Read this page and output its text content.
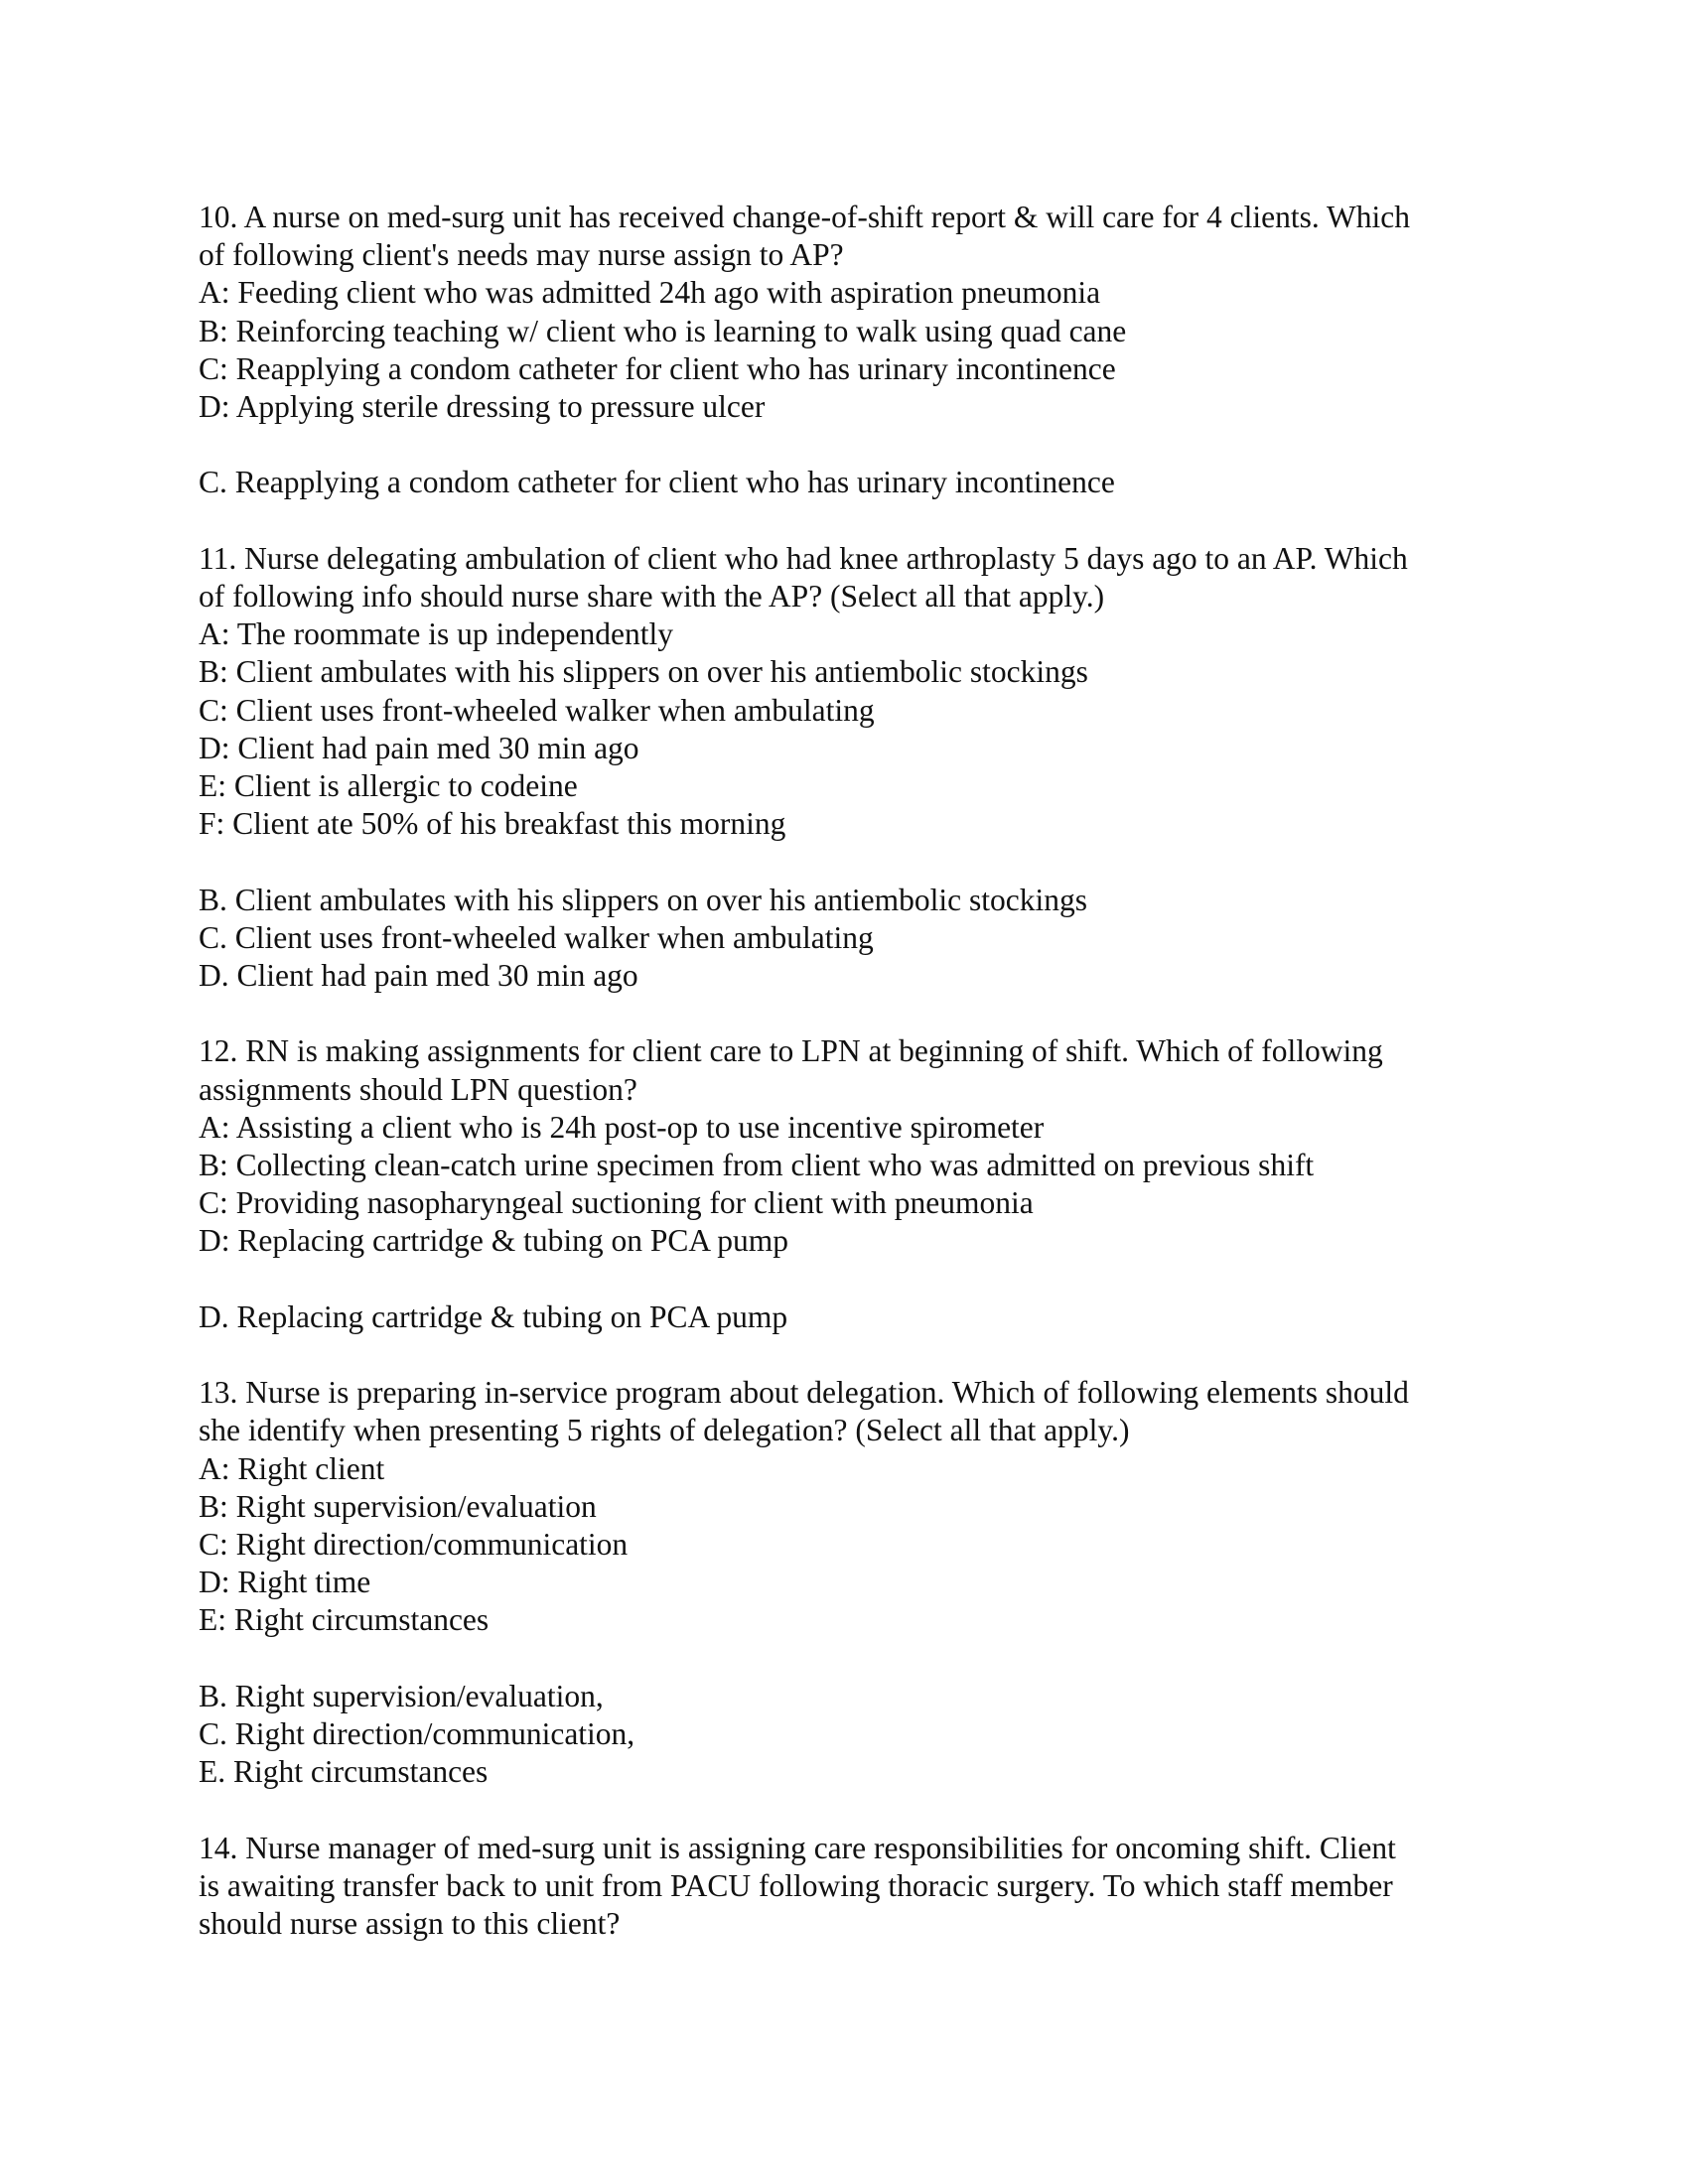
10. A nurse on med-surg unit has received change-of-shift report & will care for 4 clients. Which
of following client's needs may nurse assign to AP?
A: Feeding client who was admitted 24h ago with aspiration pneumonia
B: Reinforcing teaching w/ client who is learning to walk using quad cane
C: Reapplying a condom catheter for client who has urinary incontinence
D: Applying sterile dressing to pressure ulcer
C. Reapplying a condom catheter for client who has urinary incontinence
11. Nurse delegating ambulation of client who had knee arthroplasty 5 days ago to an AP. Which
of following info should nurse share with the AP? (Select all that apply.)
A: The roommate is up independently
B: Client ambulates with his slippers on over his antiembolic stockings
C: Client uses front-wheeled walker when ambulating
D: Client had pain med 30 min ago
E: Client is allergic to codeine
F: Client ate 50% of his breakfast this morning
B. Client ambulates with his slippers on over his antiembolic stockings
C. Client uses front-wheeled walker when ambulating
D. Client had pain med 30 min ago
12. RN is making assignments for client care to LPN at beginning of shift. Which of following
assignments should LPN question?
A: Assisting a client who is 24h post-op to use incentive spirometer
B: Collecting clean-catch urine specimen from client who was admitted on previous shift
C: Providing nasopharyngeal suctioning for client with pneumonia
D: Replacing cartridge & tubing on PCA pump
D. Replacing cartridge & tubing on PCA pump
13. Nurse is preparing in-service program about delegation. Which of following elements should
she identify when presenting 5 rights of delegation? (Select all that apply.)
A: Right client
B: Right supervision/evaluation
C: Right direction/communication
D: Right time
E: Right circumstances
B. Right supervision/evaluation,
C. Right direction/communication,
E. Right circumstances
14. Nurse manager of med-surg unit is assigning care responsibilities for oncoming shift. Client
is awaiting transfer back to unit from PACU following thoracic surgery. To which staff member
should nurse assign to this client?
